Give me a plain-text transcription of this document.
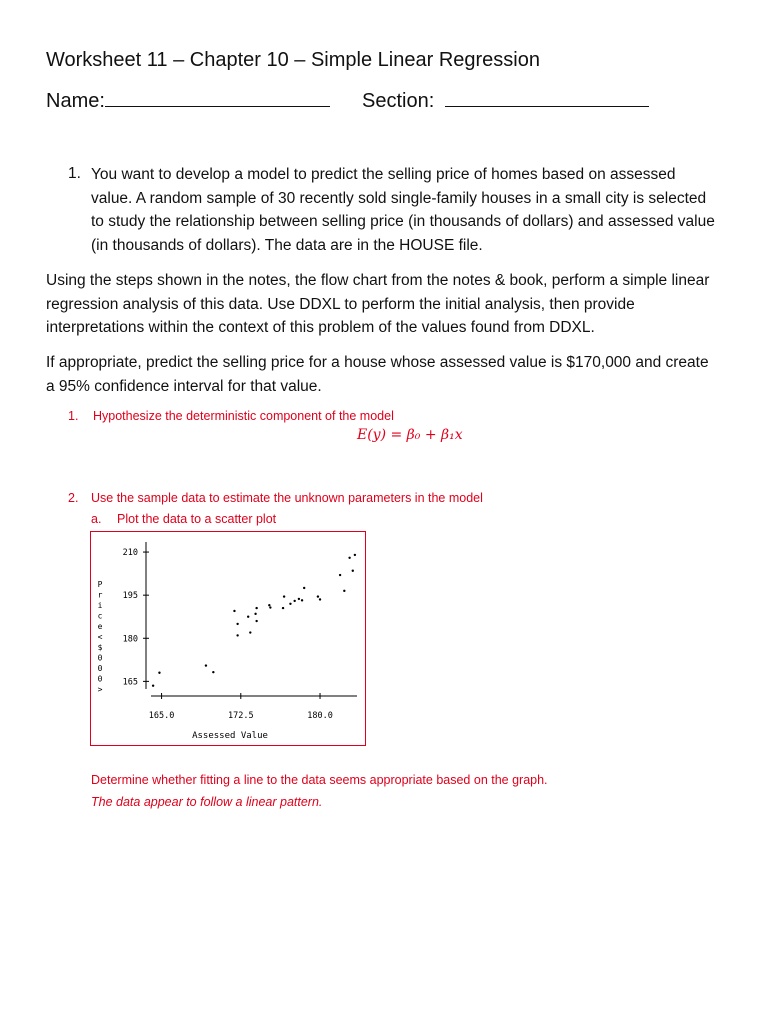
Worksheet 11 – Chapter 10 – Simple Linear Regression
Name:	Section:
1. You want to develop a model to predict the selling price of homes based on assessed value. A random sample of 30 recently sold single-family houses in a small city is selected to study the relationship between selling price (in thousands of dollars) and assessed value (in thousands of dollars). The data are in the HOUSE file.
Using the steps shown in the notes, the flow chart from the notes & book, perform a simple linear regression analysis of this data. Use DDXL to perform the initial analysis, then provide interpretations within the context of this problem of the values found from DDXL.
If appropriate, predict the selling price for a house whose assessed value is $170,000 and create a 95% confidence interval for that value.
1. Hypothesize the deterministic component of the model
E(y) = β₀ + β₁x
2. Use the sample data to estimate the unknown parameters in the model
a. Plot the data to a scatter plot
P
r
i
c
e
<
$
0
0
0
>
210
195
180
165
165.0	172.5	180.0
Assessed Value
Determine whether fitting a line to the data seems appropriate based on the graph.
The data appear to follow a linear pattern.
